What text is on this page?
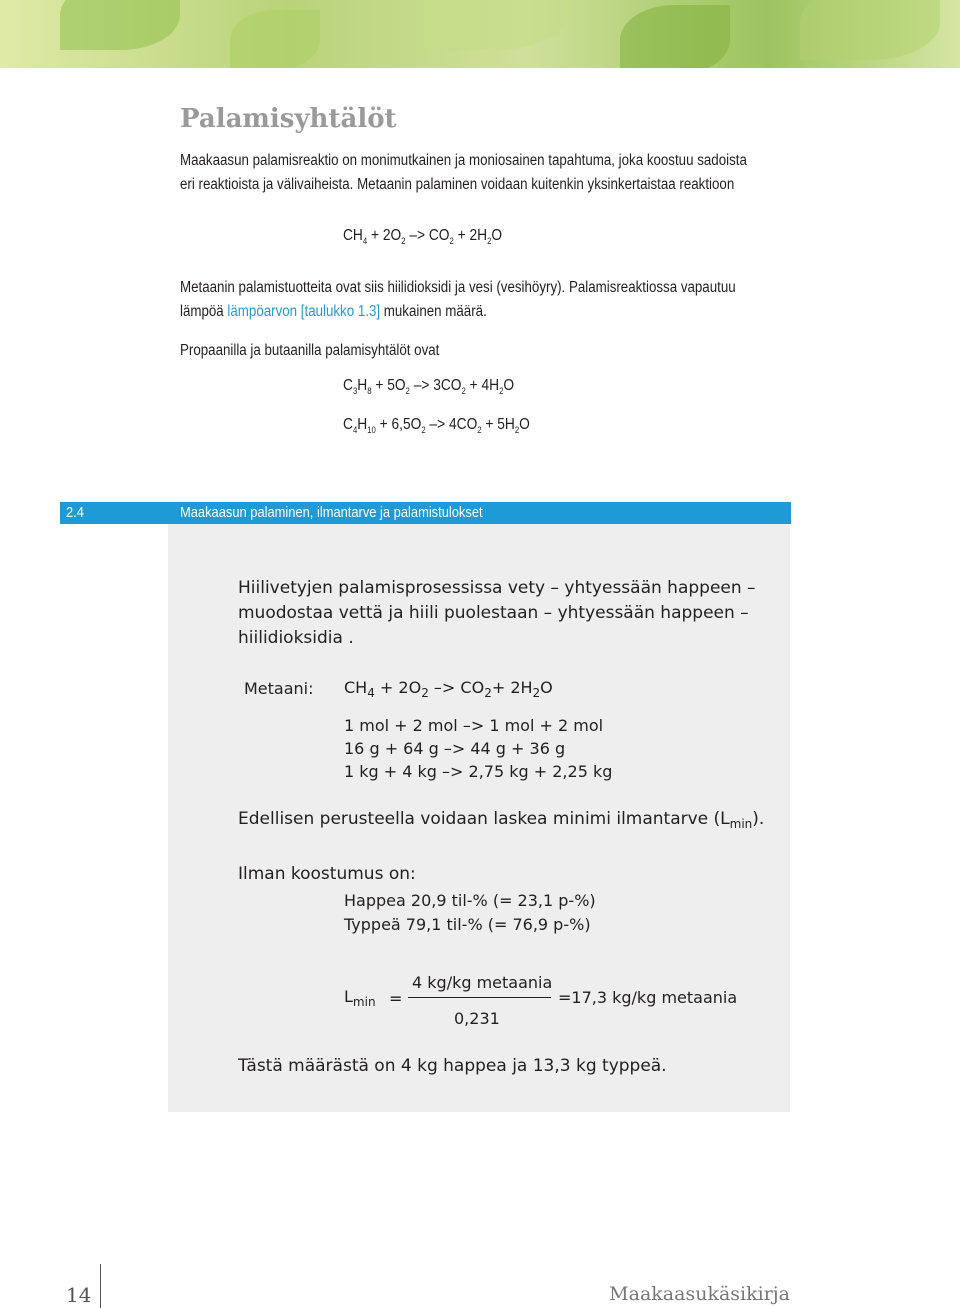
Palamisyhtälöt
Maakaasun palamisreaktio on monimutkainen ja moniosainen tapahtuma, joka koostuu sadoista
eri reaktioista ja välivaiheista. Metaanin palaminen voidaan kuitenkin yksinkertaistaa reaktioon
$CH_4 + 2O_2 -> CO_2 + 2H_2O$
Metaanin palamistuotteita ovat siis hiilidioksidi ja vesi (vesihöyry). Palamisreaktiossa vapautuu
lämpöä lämpöarvon [taulukko 1.3] mukainen määrä.
Propaanilla ja butaanilla palamisyhtälöt ovat
$C_3H_8 + 5O_2 -> 3CO_2 + 4H_2O$
$C_4H_{10} + 6,5O_2 -> 4CO_2 + 5H_2O$
2.4	Maakaasun palaminen, ilmantarve ja palamistulokset
Hiilivetyjen palamisprosessissa vety – yhtyessään happeen –
muodostaa vettä ja hiili puolestaan – yhtyessään happeen –
hiilidioksidia .
Metaani: $CH_4 + 2O_2 -> CO_2+ 2H_2O$
1 mol + 2 mol –> 1 mol + 2 mol
16 g + 64 g –> 44 g + 36 g
1 kg + 4 kg –> 2,75 kg + 2,25 kg
Edellisen perusteella voidaan laskea minimi ilmantarve $(L_{min})$.
Ilman koostumus on:
Happea 20,9 til-% (= 23,1 p-%)
Typpeä 79,1 til-% (= 76,9 p-%)
$L_{min}$ =
4 kg/kg metaania
0,231
=17,3 kg/kg metaania
Tästä määrästä on 4 kg happea ja 13,3 kg typpeä.
14	Maakaasukäsikirja
